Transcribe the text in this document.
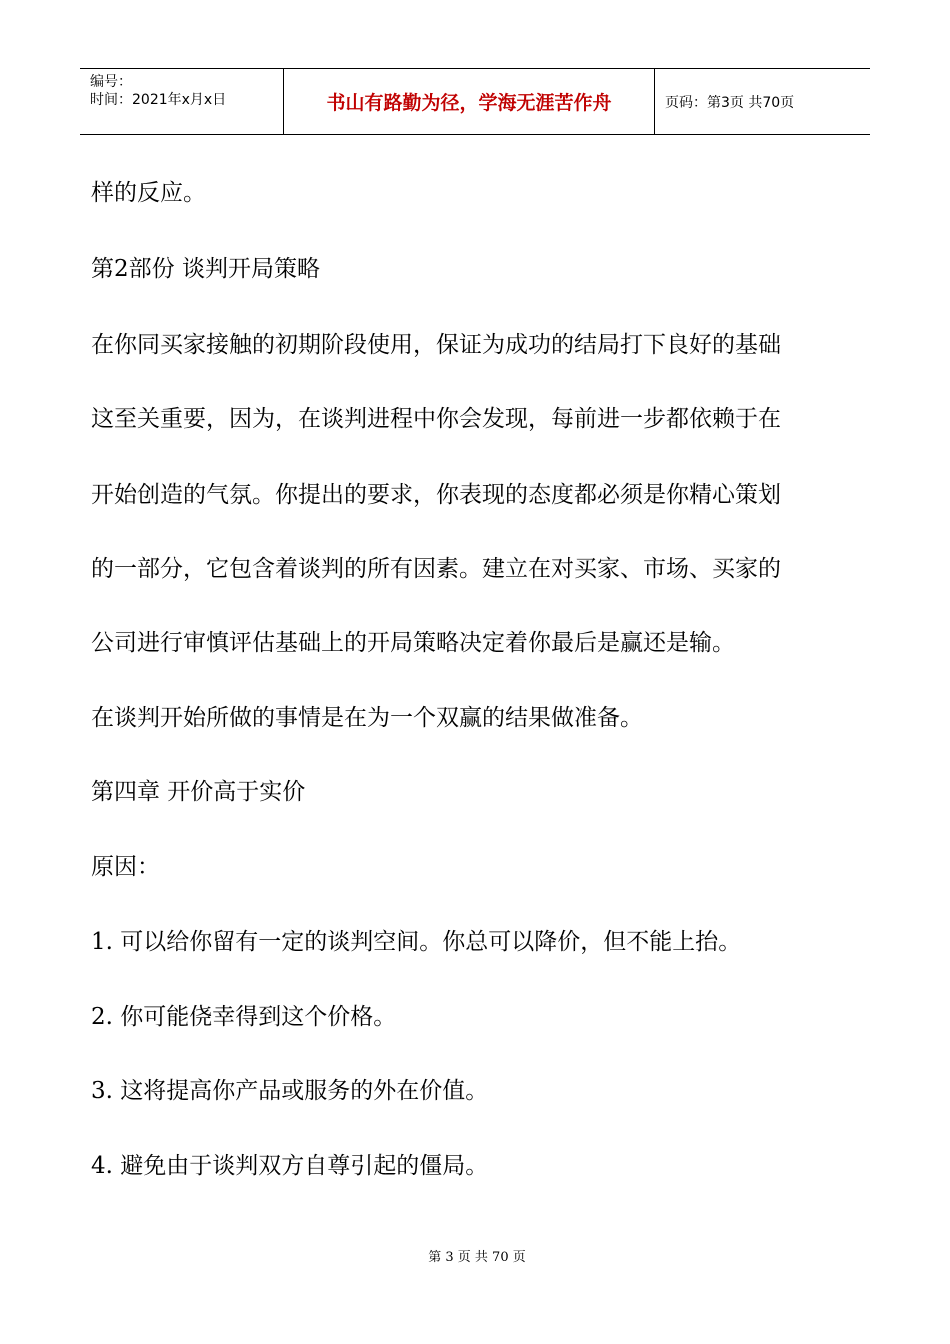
编号：
时间：2021年x月x日	书山有路勤为径，学海无涯苦作舟	页码：第3页 共70页
样的反应。
第2部份 谈判开局策略
在你同买家接触的初期阶段使用，保证为成功的结局打下良好的基础
这至关重要，因为，在谈判进程中你会发现，每前进一步都依赖于在
开始创造的气氛。你提出的要求，你表现的态度都必须是你精心策划
的一部分，它包含着谈判的所有因素。建立在对买家、市场、买家的
公司进行审慎评估基础上的开局策略决定着你最后是赢还是输。
在谈判开始所做的事情是在为一个双赢的结果做准备。
第四章 开价高于实价
原因：
1. 可以给你留有一定的谈判空间。你总可以降价，但不能上抬。
2. 你可能侥幸得到这个价格。
3. 这将提高你产品或服务的外在价值。
4. 避免由于谈判双方自尊引起的僵局。
第 3 页 共 70 页
